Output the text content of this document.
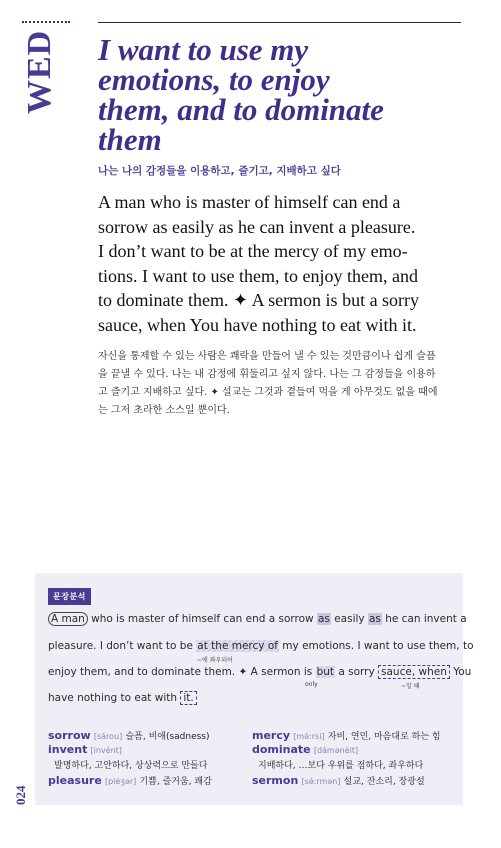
WED I want to use my
emotions, to enjoy
them, and to dominate
them
나는 나의 감정들을 이용하고, 즐기고, 지배하고 싶다
A man who is master of himself can end a
sorrow as easily as he can invent a pleasure.
I don’t want to be at the mercy of my emo-
tions. I want to use them, to enjoy them, and
to dominate them. ✦ A sermon is but a sorry
sauce, when You have nothing to eat with it.
자신을 통제할 수 있는 사람은 쾌락을 만들어 낼 수 있는 것만큼이나 쉽게 슬픔
을 끝낼 수 있다. 나는 내 감정에 휘둘리고 싶지 않다. 나는 그 감정들을 이용하
고 즐기고 지배하고 싶다. ✦ 설교는 그것과 곁들여 먹을 게 아무것도 없을 때에
는 그저 초라한 소스일 뿐이다.
문장분석
A man who is master of himself can end a sorrow as easily as he can invent a
pleasure. I don’t want to be at the mercy of my emotions. I want to use them, to
~에 좌우되어
enjoy them, and to dominate them. ✦ A sermon is but a sorry sauce, when You
only	~일 때
have nothing to eat with it.
sorrow [sárou] 슬픔, 비애(sadness)
invent [invént]
발명하다, 고안하다, 상상력으로 만들다
pleasure [pléʒər] 기쁨, 즐거움, 쾌감
mercy [mə́ːrsi] 자비, 연민, 마음대로 하는 힘
dominate [dámənèit]
지배하다, …보다 우위를 점하다, 좌우하다
sermon [sə́ːrmən] 설교, 잔소리, 장광설
024
